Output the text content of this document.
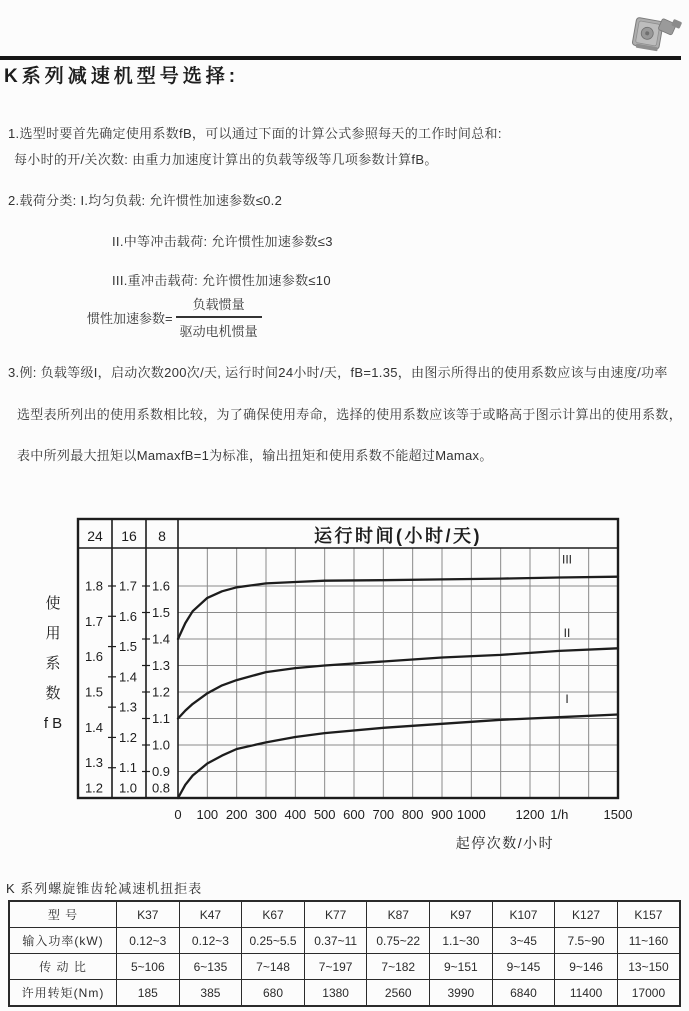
K系列减速机型号选择:

1.选型时要首先确定使用系数fB，可以通过下面的计算公式参照每天的工作时间总和:

每小时的开/关次数: 由重力加速度计算出的负载等级等几项参数计算fB。

2.载荷分类: I.均匀负载: 允许惯性加速参数≤0.2

II.中等冲击载荷: 允许惯性加速参数≤3

III.重冲击载荷: 允许惯性加速参数≤10

惯性加速参数= $\frac{\text{负载惯量}}{\text{驱动电机惯量}}$

3.例: 负载等级I，启动次数200次/天, 运行时间24小时/天，fB=1.35，由图示所得出的使用系数应该与由速度/功率

选型表所列出的使用系数相比较，为了确保使用寿命，选择的使用系数应该等于或略高于图示计算出的使用系数，

表中所列最大扭矩以MamaxfB=1为标准，输出扭矩和使用系数不能超过Mamax。

24 16 8	运行时间(小时/天)
1.8
1.7
1.6
1.5
1.4
1.3
1.2
1.7
1.6
1.5
1.4
1.3
1.2
1.1
1.0
1.6
1.5
1.4
1.3
1.2
1.1
1.0
0.9
0.8
III
II
I
0 100 200 300 400 500 600 700 800 900 1000 1200 1/h	1500
起停次数/小时
使
用
系
数
f B
K 系列螺旋锥齿轮减速机扭拒表
型 号	K37	K47	K67	K77	K87	K97	K107	K127	K157
输入功率(kW)	0.12~3	0.12~3	0.25~5.5	0.37~11	0.75~22	1.1~30	3~45	7.5~90	11~160
传 动 比	5~106	6~135	7~148	7~197	7~182	9~151	9~145	9~146	13~150
许用转矩(Nm)	185	385	680	1380	2560	3990	6840	11400	17000
